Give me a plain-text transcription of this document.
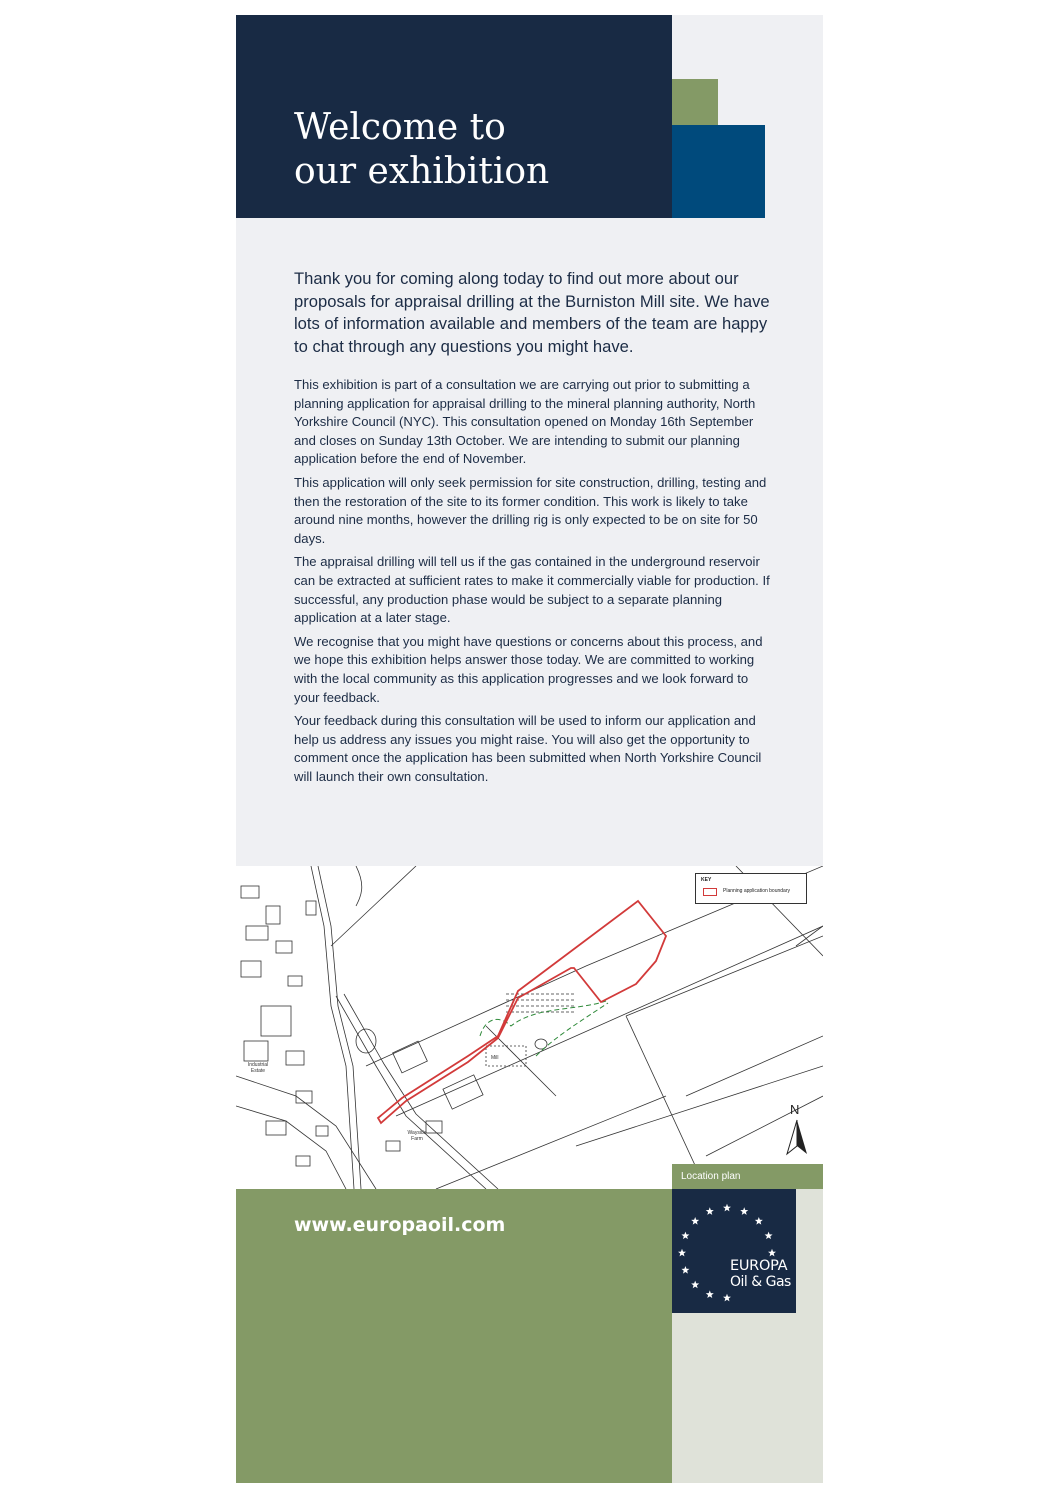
Welcome to
our exhibition

Thank you for coming along today to find out more about our proposals for appraisal drilling at the Burniston Mill site. We have lots of information available and members of the team are happy to chat through any questions you might have.

This exhibition is part of a consultation we are carrying out prior to submitting a planning application for appraisal drilling to the mineral planning authority, North Yorkshire Council (NYC). This consultation opened on Monday 16th September and closes on Sunday 13th October. We are intending to submit our planning application before the end of November.

This application will only seek permission for site construction, drilling, testing and then the restoration of the site to its former condition. This work is likely to take around nine months, however the drilling rig is only expected to be on site for 50 days.

The appraisal drilling will tell us if the gas contained in the underground reservoir can be extracted at sufficient rates to make it commercially viable for production. If successful, any production phase would be subject to a separate planning application at a later stage.

We recognise that you might have questions or concerns about this process, and we hope this exhibition helps answer those today. We are committed to working with the local community as this application progresses and we look forward to your feedback.

Your feedback during this consultation will be used to inform our application and help us address any issues you might raise. You will also get the opportunity to comment once the application has been submitted when North Yorkshire Council will launch their own consultation.

KEY
Planning application boundary
N
Industrial Estate
Wayside Farm
Mill
Location plan
www.europaoil.com
EUROPA
Oil & Gas
